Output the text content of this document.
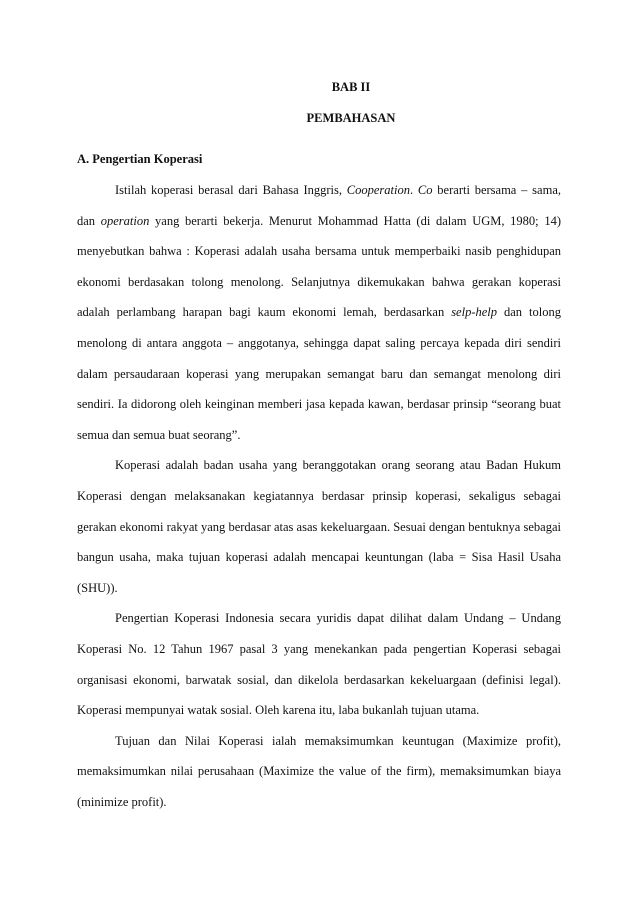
BAB II
PEMBAHASAN
A. Pengertian Koperasi

Istilah koperasi berasal dari Bahasa Inggris, Cooperation. Co berarti bersama – sama, dan operation yang berarti bekerja. Menurut Mohammad Hatta (di dalam UGM, 1980; 14) menyebutkan bahwa : Koperasi adalah usaha bersama untuk memperbaiki nasib penghidupan ekonomi berdasakan tolong menolong. Selanjutnya dikemukakan bahwa gerakan koperasi adalah perlambang harapan bagi kaum ekonomi lemah, berdasarkan selp-help dan tolong menolong di antara anggota – anggotanya, sehingga dapat saling percaya kepada diri sendiri dalam persaudaraan koperasi yang merupakan semangat baru dan semangat menolong diri sendiri. Ia didorong oleh keinginan memberi jasa kepada kawan, berdasar prinsip “seorang buat semua dan semua buat seorang”.

Koperasi adalah badan usaha yang beranggotakan orang seorang atau Badan Hukum Koperasi dengan melaksanakan kegiatannya berdasar prinsip koperasi, sekaligus sebagai gerakan ekonomi rakyat yang berdasar atas asas kekeluargaan. Sesuai dengan bentuknya sebagai bangun usaha, maka tujuan koperasi adalah mencapai keuntungan (laba = Sisa Hasil Usaha (SHU)).

Pengertian Koperasi Indonesia secara yuridis dapat dilihat dalam Undang – Undang Koperasi No. 12 Tahun 1967 pasal 3 yang menekankan pada pengertian Koperasi sebagai organisasi ekonomi, barwatak sosial, dan dikelola berdasarkan kekeluargaan (definisi legal). Koperasi mempunyai watak sosial. Oleh karena itu, laba bukanlah tujuan utama.

Tujuan dan Nilai Koperasi ialah memaksimumkan keuntugan (Maximize profit), memaksimumkan nilai perusahaan (Maximize the value of the firm), memaksimumkan biaya (minimize profit).
